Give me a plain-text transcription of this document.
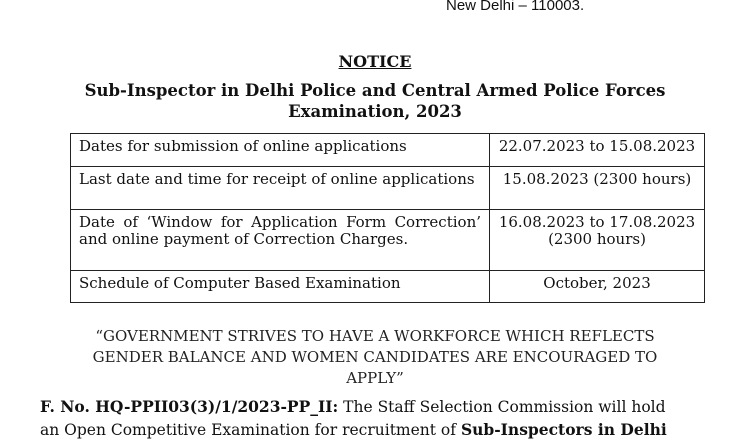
New Delhi – 110003.
NOTICE
Sub-Inspector in Delhi Police and Central Armed Police Forces
Examination, 2023
Dates for submission of online applications	22.07.2023 to 15.08.2023
Last date and time for receipt of online applications	15.08.2023 (2300 hours)
Date of ‘Window for Application Form Correction’ and online payment of Correction Charges.	16.08.2023 to 17.08.2023
(2300 hours)

Schedule of Computer Based Examination	October, 2023
“GOVERNMENT STRIVES TO HAVE A WORKFORCE WHICH REFLECTS
GENDER BALANCE AND WOMEN CANDIDATES ARE ENCOURAGED TO
APPLY”
F. No. HQ-PPII03(3)/1/2023-PP_II: The Staff Selection Commission will hold
an Open Competitive Examination for recruitment of Sub-Inspectors in Delhi
